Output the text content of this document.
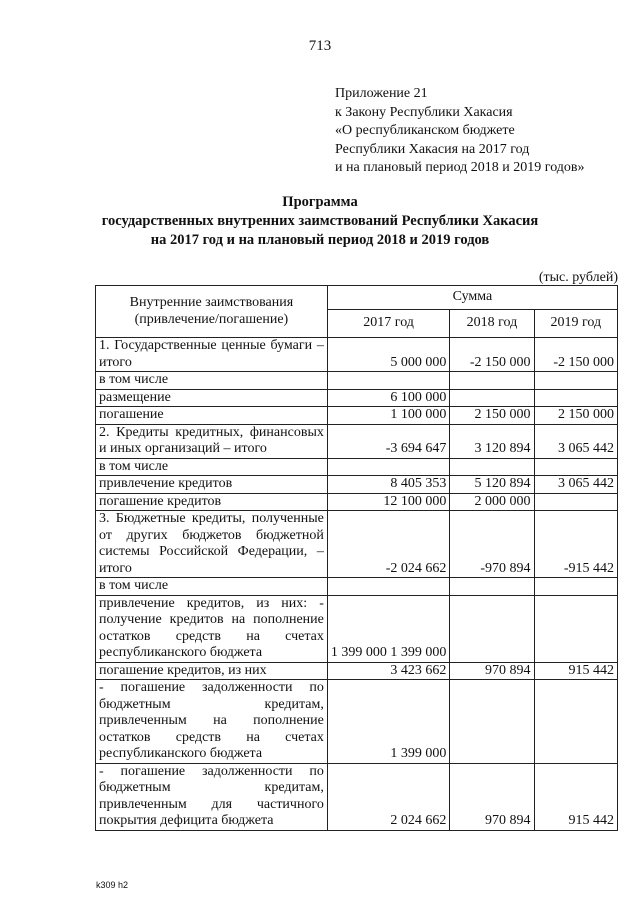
713
Приложение 21
к Закону Республики Хакасия
«О республиканском бюджете
Республики Хакасия на 2017 год
и на плановый период 2018 и 2019 годов»
Программа
государственных внутренних заимствований Республики Хакасия
на 2017 год и на плановый период 2018 и 2019 годов
(тыс. рублей)
Внутренние заимствования (привлечение/погашение)	Сумма		
	2017 год	2018 год	2019 год
1. Государственные ценные бумаги – итого	5 000 000	-2 150 000	-2 150 000
в том числе			
размещение	6 100 000		
погашение	1 100 000	2 150 000	2 150 000
2. Кредиты кредитных, финансовых и иных организаций – итого	-3 694 647	3 120 894	3 065 442
в том числе			
привлечение кредитов	8 405 353	5 120 894	3 065 442
погашение кредитов	12 100 000	2 000 000	
3. Бюджетные кредиты, полученные от других бюджетов бюджетной системы Российской Федерации, – итого	-2 024 662	-970 894	-915 442
в том числе			
привлечение кредитов, из них: - получение кредитов на пополнение остатков средств на счетах республиканского бюджета	1 399 000 1 399 000		
погашение кредитов, из них	3 423 662	970 894	915 442
- погашение задолженности по бюджетным кредитам, привлеченным на пополнение остатков средств на счетах республиканского бюджета	1 399 000		
- погашение задолженности по бюджетным кредитам, привлеченным для частичного покрытия дефицита бюджета	2 024 662	970 894	915 442
k309 h2
